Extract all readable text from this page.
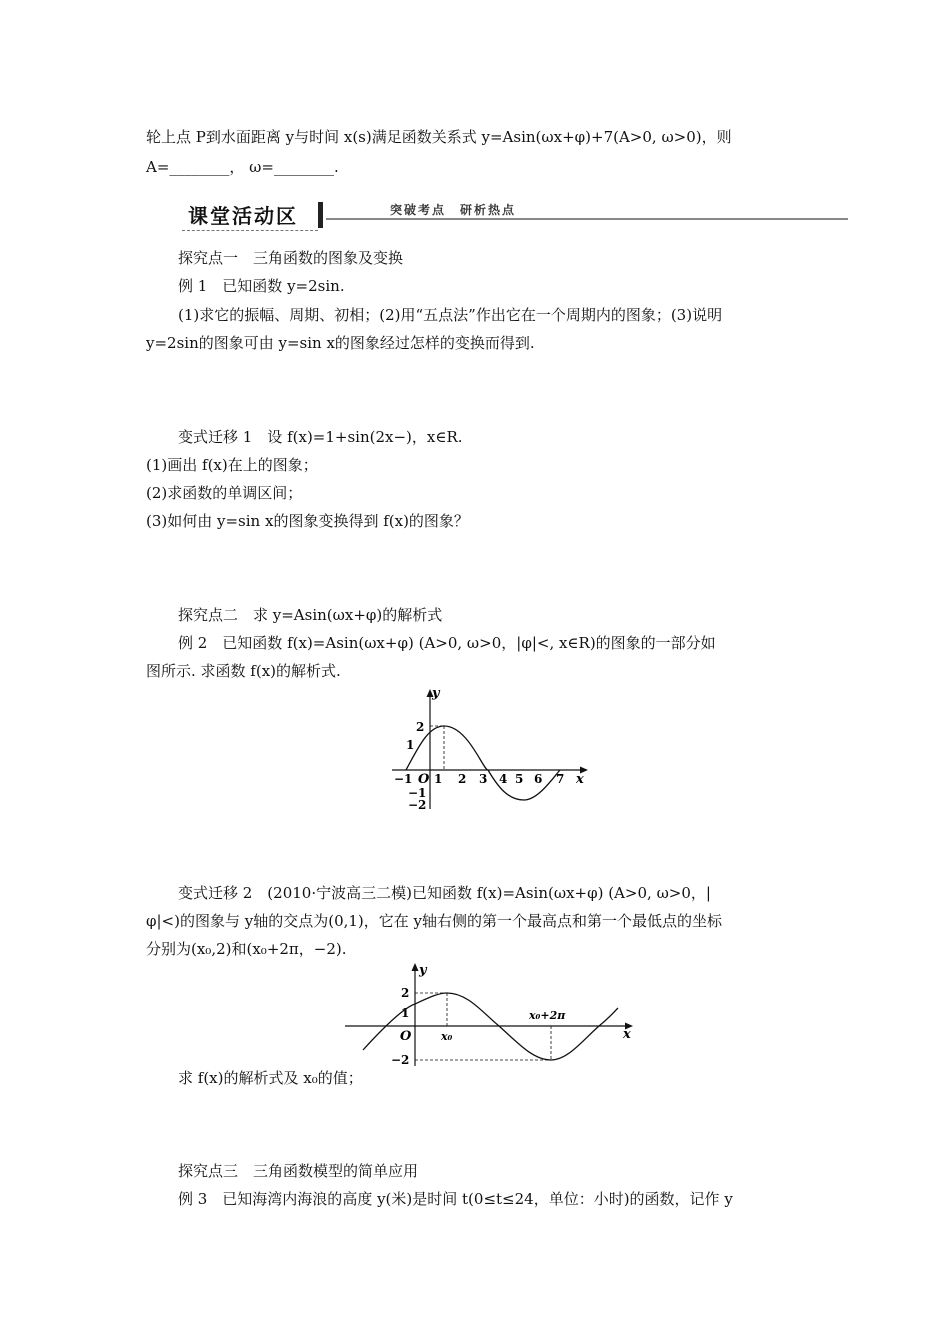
轮上点 P到水面距离 y与时间 x(s)满足函数关系式 y=Asin(ωx+φ)+7(A>0, ω>0)，则
A=________， ω=________.
课堂活动区	突破考点　研析热点
探究点一　三角函数的图象及变换
例 1　已知函数 y=2sin.
(1)求它的振幅、周期、初相；(2)用“五点法”作出它在一个周期内的图象；(3)说明
y=2sin的图象可由 y=sin x的图象经过怎样的变换而得到.
变式迁移 1　设 f(x)=1+sin(2x−)，x∈R.
(1)画出 f(x)在上的图象；
(2)求函数的单调区间；
(3)如何由 y=sin x的图象变换得到 f(x)的图象？
探究点二　求 y=Asin(ωx+φ)的解析式
例 2　已知函数 f(x)=Asin(ωx+φ) (A>0, ω>0，|φ|<, x∈R)的图象的一部分如
图所示. 求函数 f(x)的解析式.
y
x
O
−1 1 2 3 4 5 6 7
2
1
−1
−2
变式迁移 2　(2010·宁波高三二模)已知函数 f(x)=Asin(ωx+φ) (A>0, ω>0，|
φ|<)的图象与 y轴的交点为(0,1)，它在 y轴右侧的第一个最高点和第一个最低点的坐标
分别为(x₀,2)和(x₀+2π，−2).
y
x
O
2
1
−2
x₀
x₀+2π
求 f(x)的解析式及 x₀的值；
探究点三　三角函数模型的简单应用
例 3　已知海湾内海浪的高度 y(米)是时间 t(0≤t≤24，单位：小时)的函数，记作 y
